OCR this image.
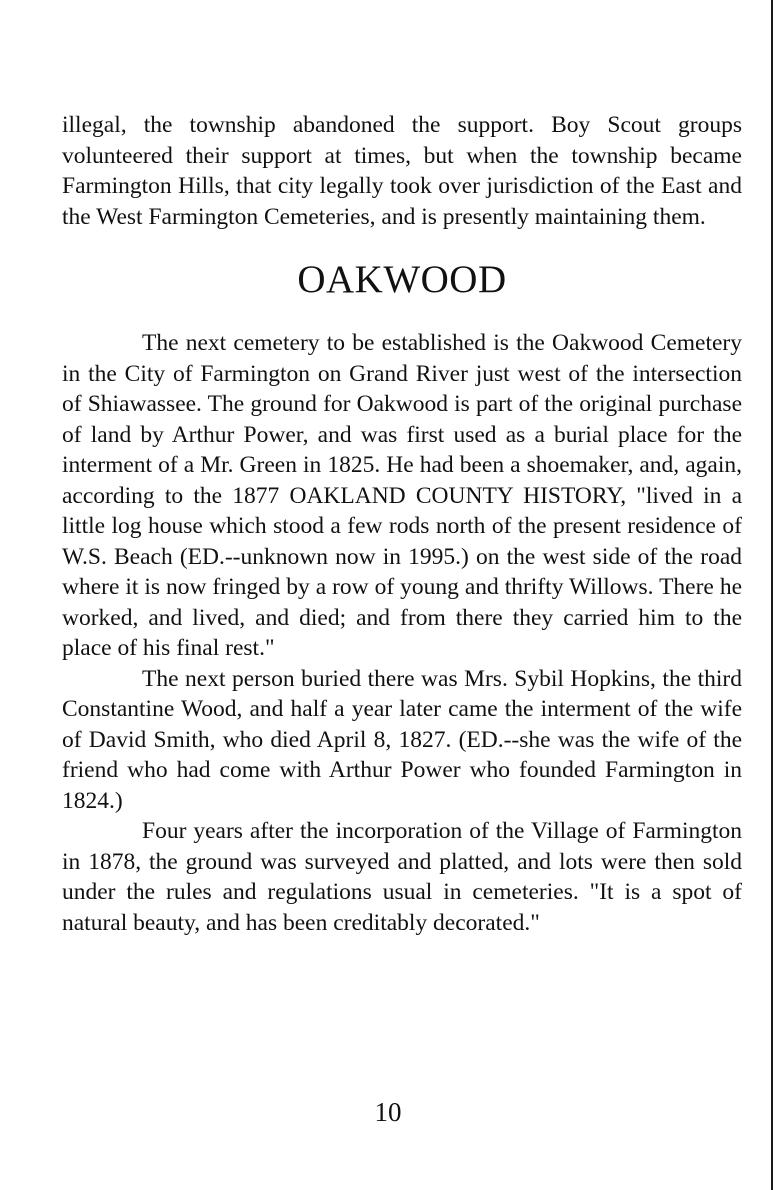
illegal, the township abandoned the support. Boy Scout groups volunteered their support at times, but when the township became Farmington Hills, that city legally took over jurisdiction of the East and the West Farmington Cemeteries, and is presently maintaining them.

OAKWOOD

The next cemetery to be established is the Oakwood Cemetery in the City of Farmington on Grand River just west of the intersection of Shiawassee. The ground for Oakwood is part of the original purchase of land by Arthur Power, and was first used as a burial place for the interment of a Mr. Green in 1825. He had been a shoemaker, and, again, according to the 1877 OAKLAND COUNTY HISTORY, "lived in a little log house which stood a few rods north of the present residence of W.S. Beach (ED.--unknown now in 1995.) on the west side of the road where it is now fringed by a row of young and thrifty Willows. There he worked, and lived, and died; and from there they carried him to the place of his final rest."

The next person buried there was Mrs. Sybil Hopkins, the third Constantine Wood, and half a year later came the interment of the wife of David Smith, who died April 8, 1827. (ED.--she was the wife of the friend who had come with Arthur Power who founded Farmington in 1824.)

Four years after the incorporation of the Village of Farmington in 1878, the ground was surveyed and platted, and lots were then sold under the rules and regulations usual in cemeteries. "It is a spot of natural beauty, and has been creditably decorated."

10
